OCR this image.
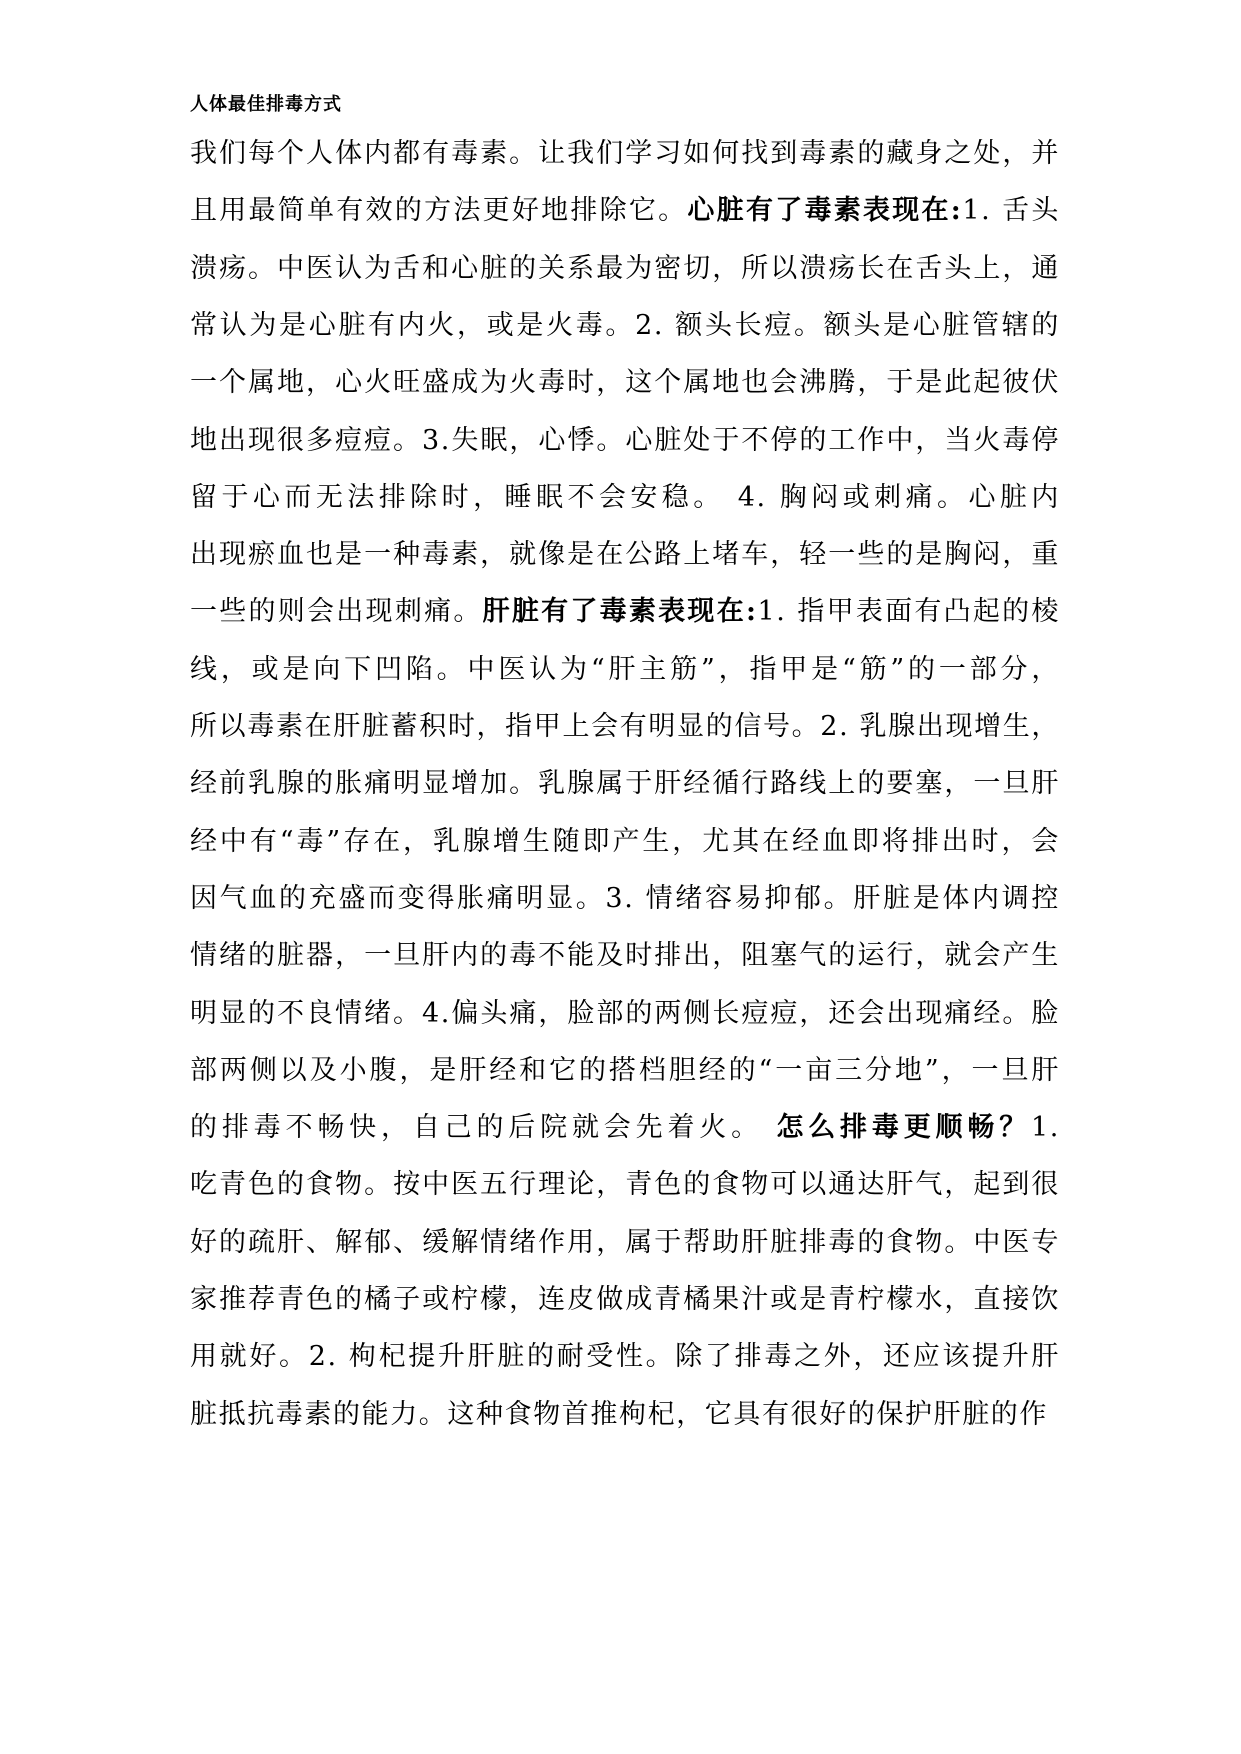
人体最佳排毒方式
我们每个人体内都有毒素。让我们学习如何找到毒素的藏身之处，并
且用最简单有效的方法更好地排除它。心脏有了毒素表现在:1. 舌头
溃疡。中医认为舌和心脏的关系最为密切，所以溃疡长在舌头上，通
常认为是心脏有内火，或是火毒。2. 额头长痘。额头是心脏管辖的
一个属地，心火旺盛成为火毒时，这个属地也会沸腾，于是此起彼伏
地出现很多痘痘。3.失眠，心悸。心脏处于不停的工作中，当火毒停
留于心而无法排除时，睡眠不会安稳。 4. 胸闷或刺痛。心脏内
出现瘀血也是一种毒素，就像是在公路上堵车，轻一些的是胸闷，重
一些的则会出现刺痛。肝脏有了毒素表现在:1. 指甲表面有凸起的棱
线，或是向下凹陷。中医认为“肝主筋”，指甲是“筋”的一部分，
所以毒素在肝脏蓄积时，指甲上会有明显的信号。2. 乳腺出现增生，
经前乳腺的胀痛明显增加。乳腺属于肝经循行路线上的要塞，一旦肝
经中有“毒”存在，乳腺增生随即产生，尤其在经血即将排出时，会
因气血的充盛而变得胀痛明显。3. 情绪容易抑郁。肝脏是体内调控
情绪的脏器，一旦肝内的毒不能及时排出，阻塞气的运行，就会产生
明显的不良情绪。4.偏头痛，脸部的两侧长痘痘，还会出现痛经。脸
部两侧以及小腹，是肝经和它的搭档胆经的“一亩三分地”，一旦肝
的排毒不畅快，自己的后院就会先着火。 怎么排毒更顺畅？1.
吃青色的食物。按中医五行理论，青色的食物可以通达肝气，起到很
好的疏肝、解郁、缓解情绪作用，属于帮助肝脏排毒的食物。中医专
家推荐青色的橘子或柠檬，连皮做成青橘果汁或是青柠檬水，直接饮
用就好。2. 枸杞提升肝脏的耐受性。除了排毒之外，还应该提升肝
脏抵抗毒素的能力。这种食物首推枸杞，它具有很好的保护肝脏的作
